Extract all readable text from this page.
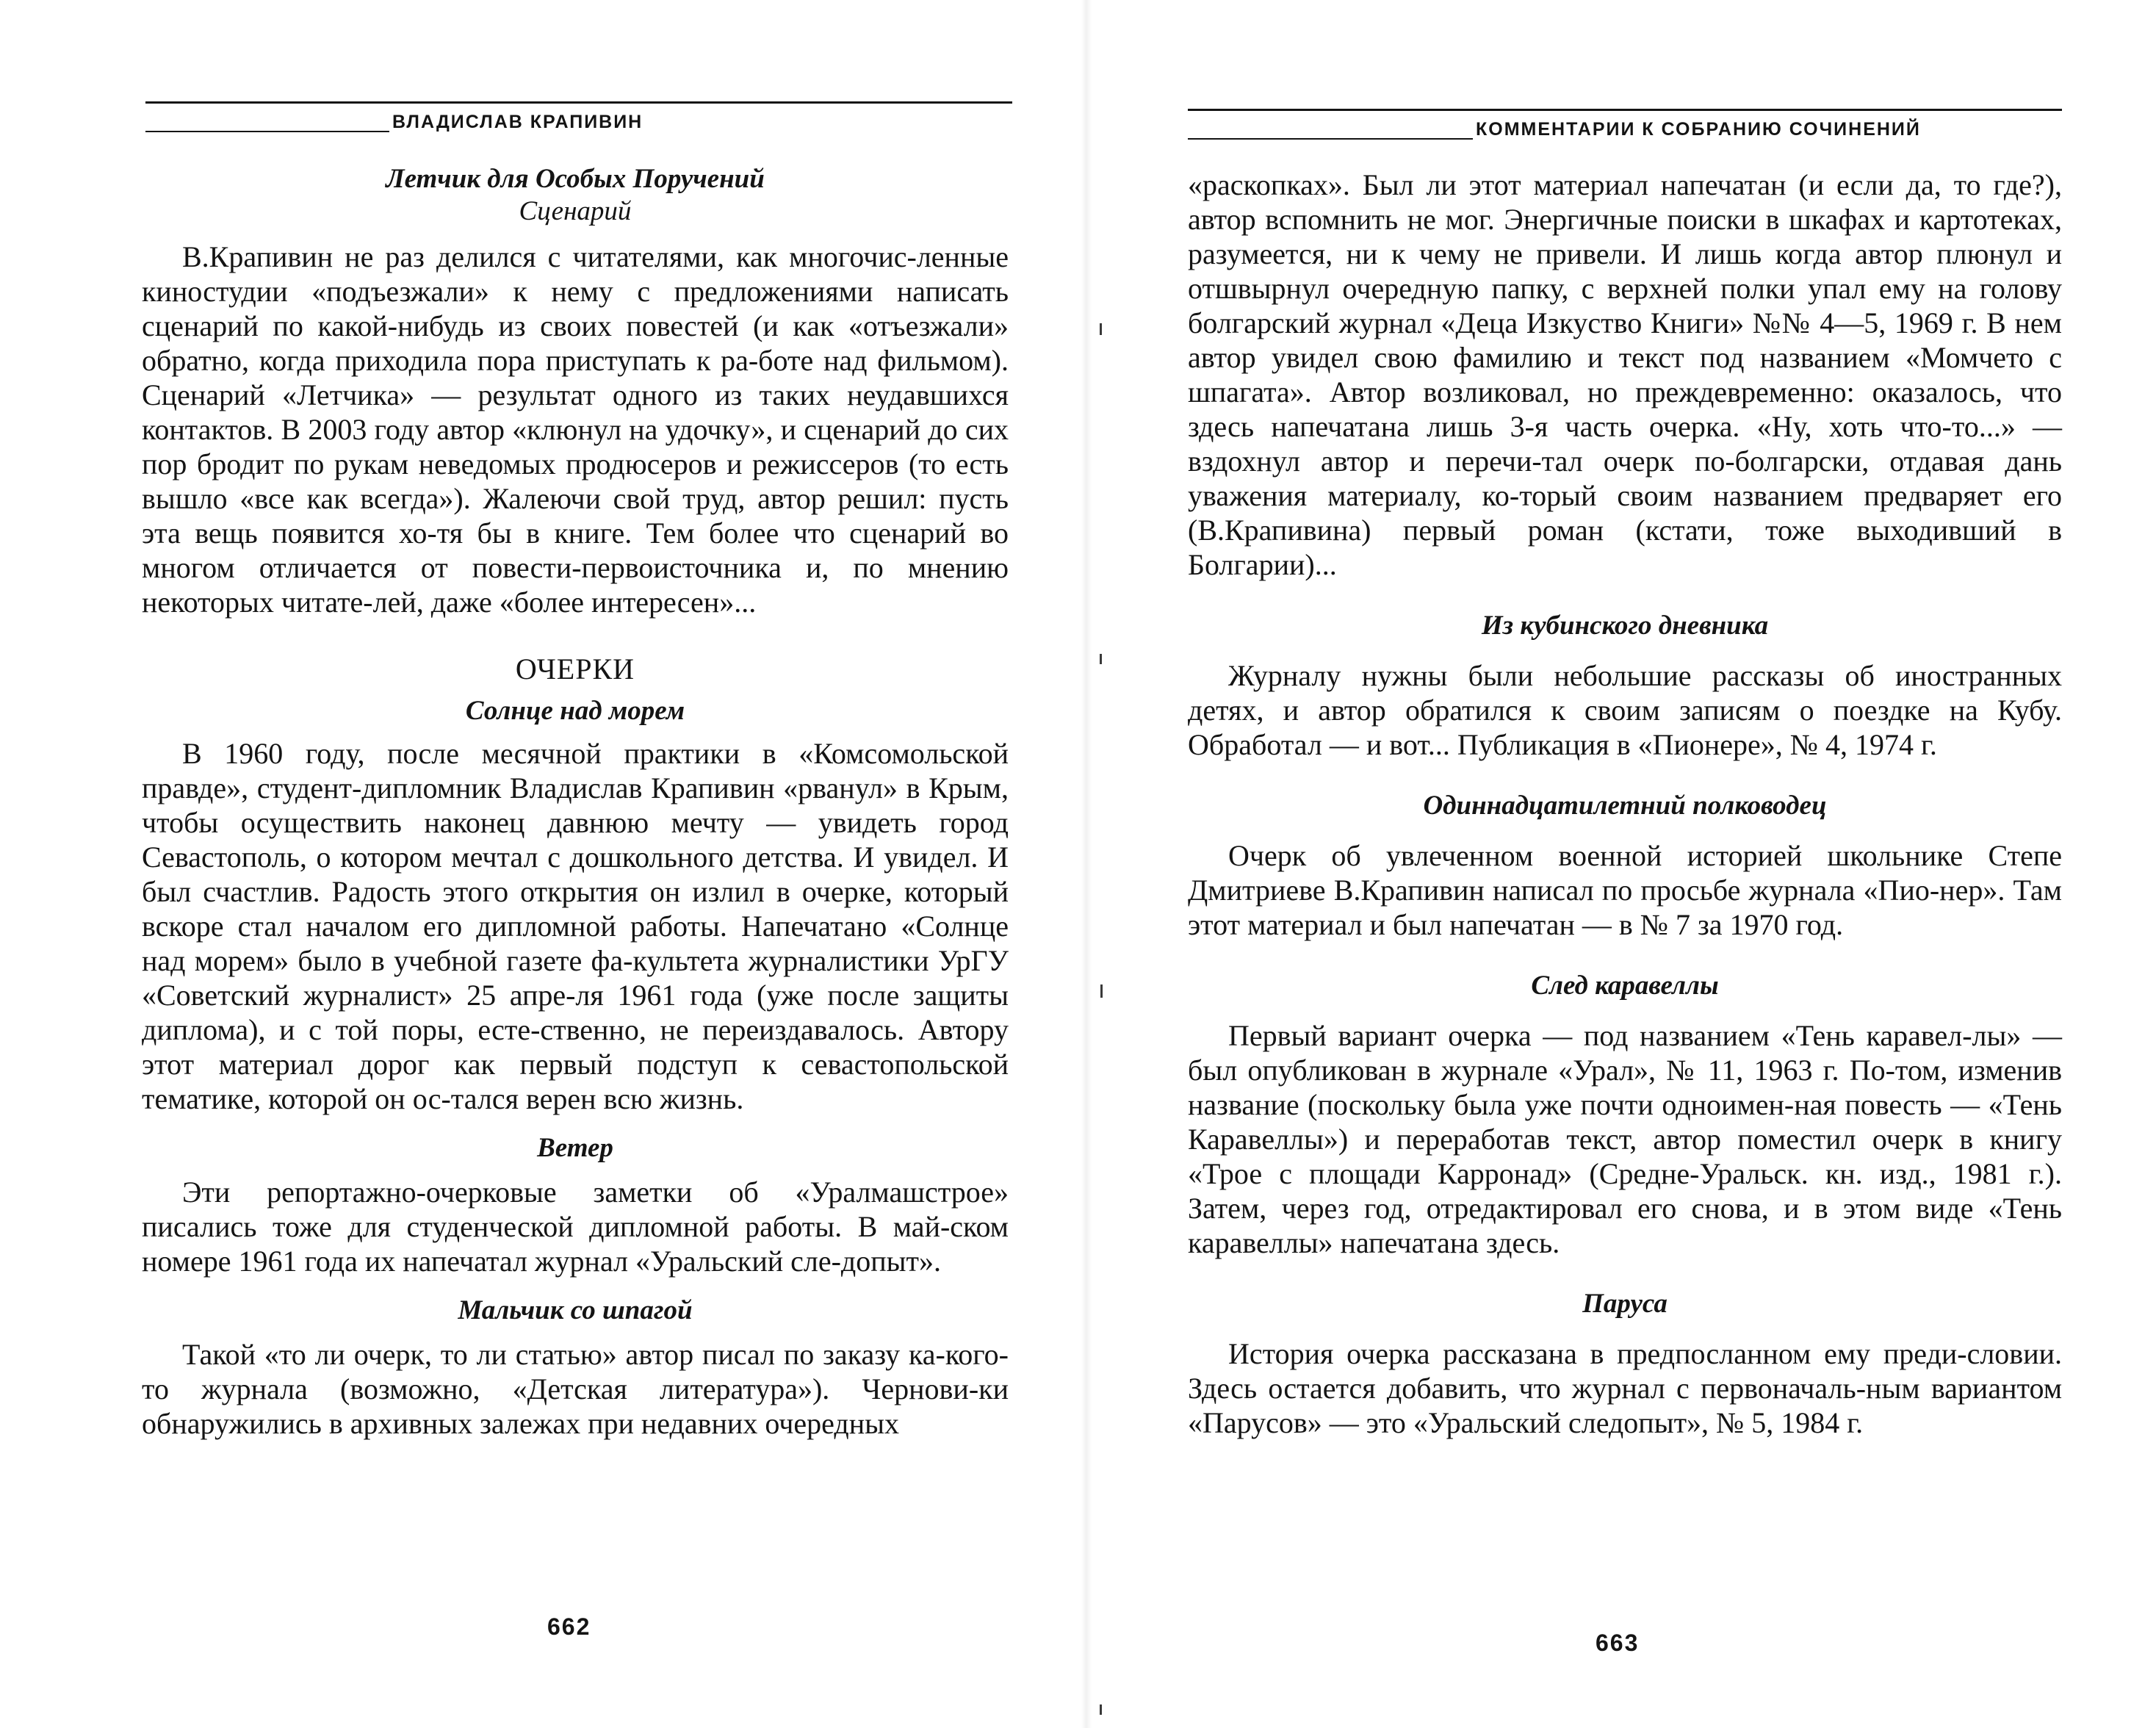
ВЛАДИСЛАВ КРАПИВИН
Летчик для Особых Поручений
Сценарий

В.Крапивин не раз делился с читателями, как многочис-ленные киностудии «подъезжали» к нему с предложениями написать сценарий по какой-нибудь из своих повестей (и как «отъезжали» обратно, когда приходила пора приступать к ра-боте над фильмом). Сценарий «Летчика» — результат одного из таких неудавшихся контактов. В 2003 году автор «клюнул на удочку», и сценарий до сих пор бродит по рукам неведомых продюсеров и режиссеров (то есть вышло «все как всегда»). Жалеючи свой труд, автор решил: пусть эта вещь появится хо-тя бы в книге. Тем более что сценарий во многом отличается от повести-первоисточника и, по мнению некоторых читате-лей, даже «более интересен»...

ОЧЕРКИ
Солнце над морем

В 1960 году, после месячной практики в «Комсомольской правде», студент-дипломник Владислав Крапивин «рванул» в Крым, чтобы осуществить наконец давнюю мечту — увидеть город Севастополь, о котором мечтал с дошкольного детства. И увидел. И был счастлив. Радость этого открытия он излил в очерке, который вскоре стал началом его дипломной работы. Напечатано «Солнце над морем» было в учебной газете фа-культета журналистики УрГУ «Советский журналист» 25 апре-ля 1961 года (уже после защиты диплома), и с той поры, есте-ственно, не переиздавалось. Автору этот материал дорог как первый подступ к севастопольской тематике, которой он ос-тался верен всю жизнь.

Ветер

Эти репортажно-очерковые заметки об «Уралмашстрое» писались тоже для студенческой дипломной работы. В май-ском номере 1961 года их напечатал журнал «Уральский сле-допыт».

Мальчик со шпагой

Такой «то ли очерк, то ли статью» автор писал по заказу ка-кого-то журнала (возможно, «Детская литература»). Чернови-ки обнаружились в архивных залежах при недавних очередных

662
КОММЕНТАРИИ К СОБРАНИЮ СОЧИНЕНИЙ

«раскопках». Был ли этот материал напечатан (и если да, то где?), автор вспомнить не мог. Энергичные поиски в шкафах и картотеках, разумеется, ни к чему не привели. И лишь когда автор плюнул и отшвырнул очередную папку, с верхней полки упал ему на голову болгарский журнал «Деца Изкуство Книги» №№ 4—5, 1969 г. В нем автор увидел свою фамилию и текст под названием «Момчето с шпагата». Автор возликовал, но преждевременно: оказалось, что здесь напечатана лишь 3-я часть очерка. «Ну, хоть что-то...» — вздохнул автор и перечи-тал очерк по-болгарски, отдавая дань уважения материалу, ко-торый своим названием предваряет его (В.Крапивина) первый роман (кстати, тоже выходивший в Болгарии)...

Из кубинского дневника

Журналу нужны были небольшие рассказы об иностранных детях, и автор обратился к своим записям о поездке на Кубу. Обработал — и вот... Публикация в «Пионере», № 4, 1974 г.

Одиннадцатилетний полководец

Очерк об увлеченном военной историей школьнике Степе Дмитриеве В.Крапивин написал по просьбе журнала «Пио-нер». Там этот материал и был напечатан — в № 7 за 1970 год.

След каравеллы

Первый вариант очерка — под названием «Тень каравел-лы» — был опубликован в журнале «Урал», № 11, 1963 г. По-том, изменив название (поскольку была уже почти одноимен-ная повесть — «Тень Каравеллы») и переработав текст, автор поместил очерк в книгу «Трое с площади Карронад» (Средне-Уральск. кн. изд., 1981 г.). Затем, через год, отредактировал его снова, и в этом виде «Тень каравеллы» напечатана здесь.

Паруса

История очерка рассказана в предпосланном ему преди-словии. Здесь остается добавить, что журнал с первоначаль-ным вариантом «Парусов» — это «Уральский следопыт», № 5, 1984 г.

663
